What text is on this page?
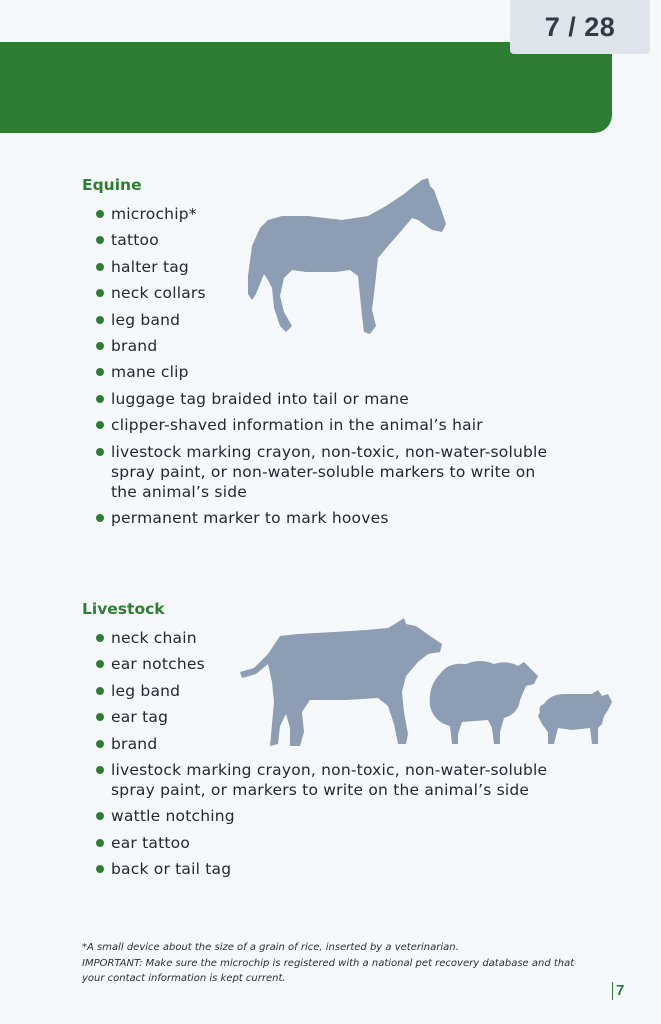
7 / 28
Equine
microchip*
tattoo
halter tag
neck collars
leg band
brand
mane clip
luggage tag braided into tail or mane
clipper-shaved information in the animal’s hair
livestock marking crayon, non-toxic, non-water-soluble spray paint, or non-water-soluble markers to write on the animal’s side
permanent marker to mark hooves
Livestock
neck chain
ear notches
leg band
ear tag
brand
livestock marking crayon, non-toxic, non-water-soluble spray paint, or markers to write on the animal’s side
wattle notching
ear tattoo
back or tail tag

*A small device about the size of a grain of rice, inserted by a veterinarian.

IMPORTANT: Make sure the microchip is registered with a national pet recovery database and that your contact information is kept current.

7
